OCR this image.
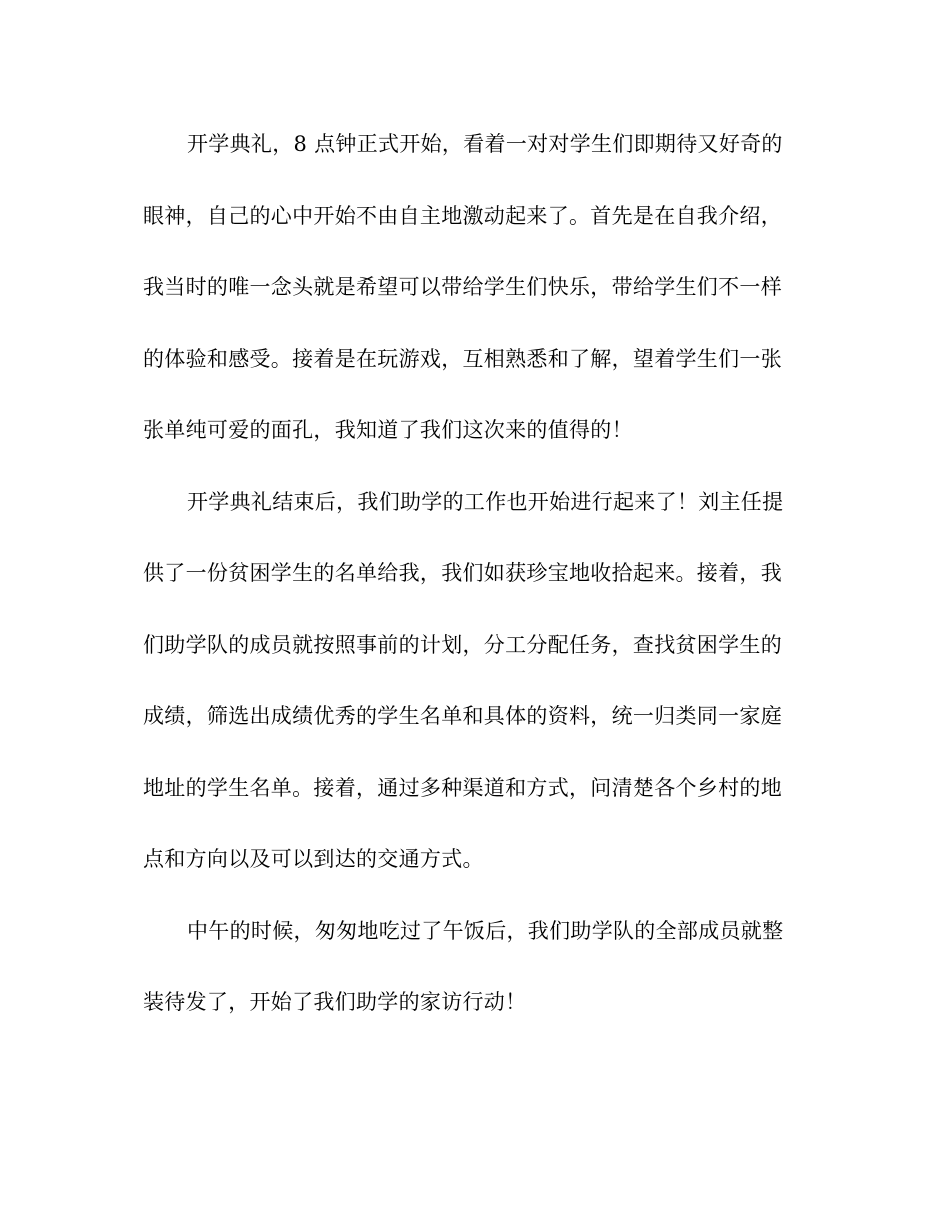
开学典礼，8 点钟正式开始，看着一对对学生们即期待又好奇的
眼神，自己的心中开始不由自主地激动起来了。首先是在自我介绍，
我当时的唯一念头就是希望可以带给学生们快乐，带给学生们不一样
的体验和感受。接着是在玩游戏，互相熟悉和了解，望着学生们一张
张单纯可爱的面孔，我知道了我们这次来的值得的！
开学典礼结束后，我们助学的工作也开始进行起来了！刘主任提
供了一份贫困学生的名单给我，我们如获珍宝地收拾起来。接着，我
们助学队的成员就按照事前的计划，分工分配任务，查找贫困学生的
成绩，筛选出成绩优秀的学生名单和具体的资料，统一归类同一家庭
地址的学生名单。接着，通过多种渠道和方式，问清楚各个乡村的地
点和方向以及可以到达的交通方式。
中午的时候，匆匆地吃过了午饭后，我们助学队的全部成员就整
装待发了，开始了我们助学的家访行动！
